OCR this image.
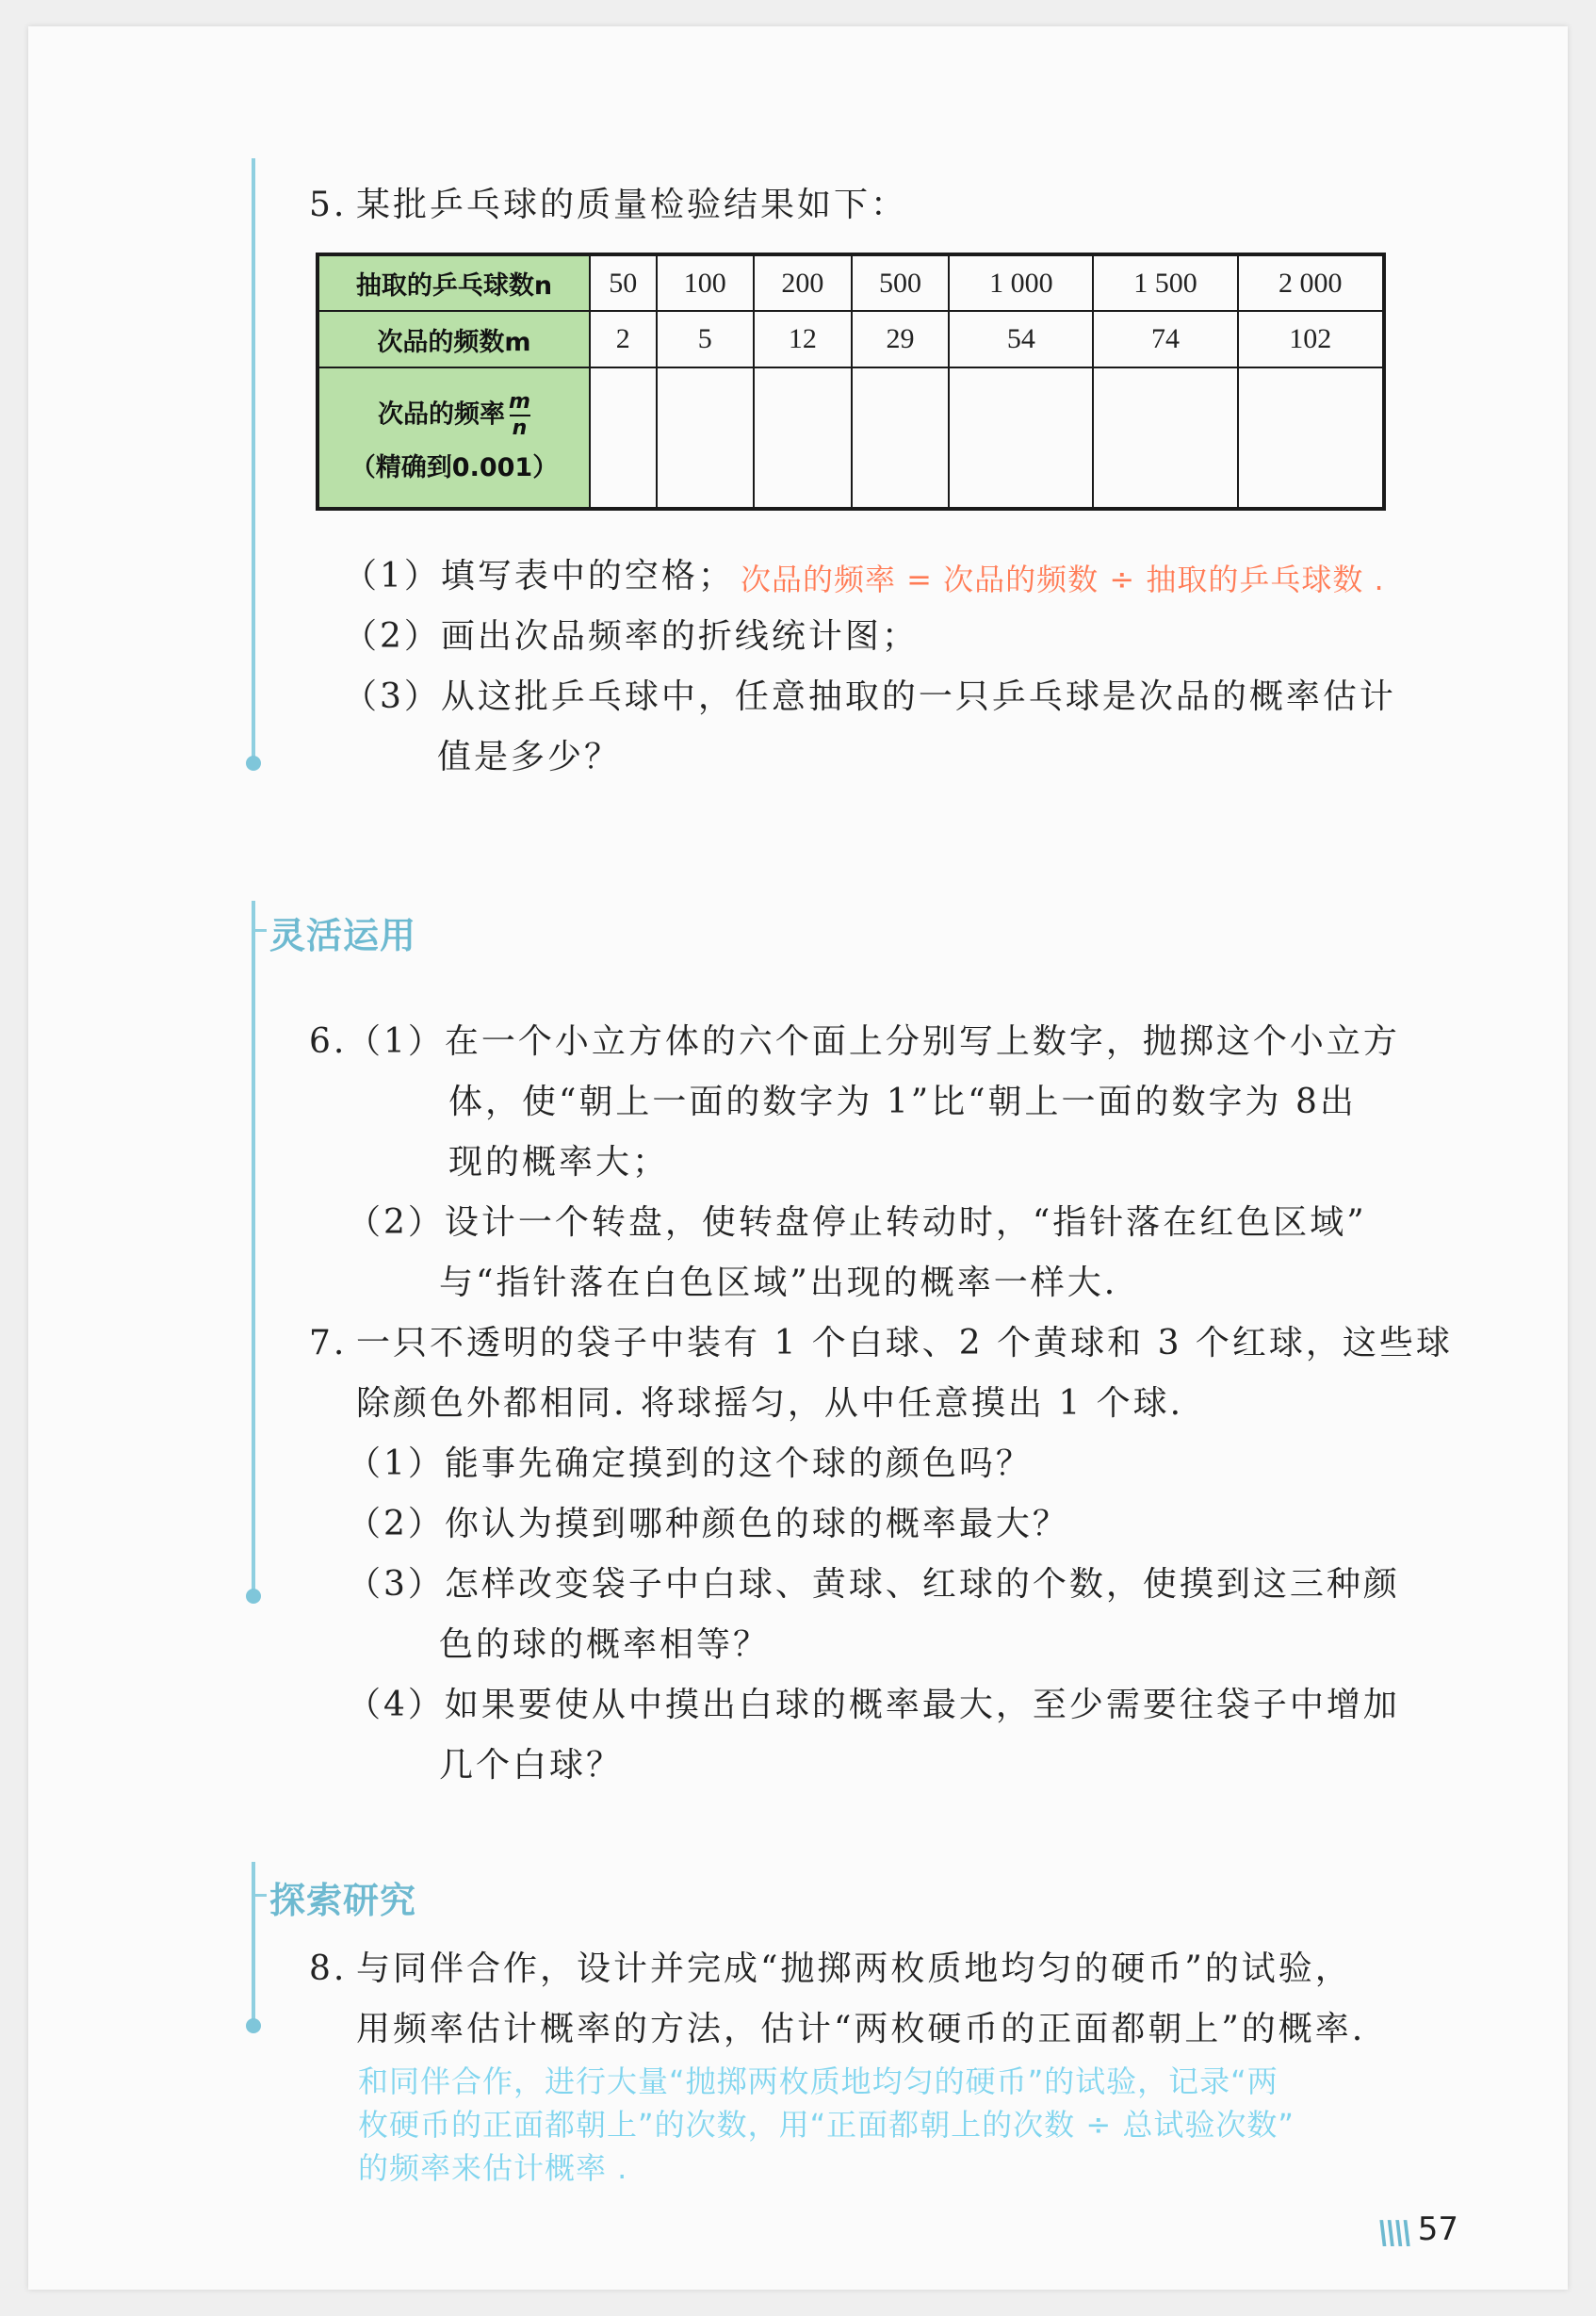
5. 某批乒乓球的质量检验结果如下：
抽取的乒乓球数n	50	100	200	500	1 000	1 500	2 000
次品的频数m	2	5	12	29	54	74	102

次品的频率 $\frac{m}{n}$
（精确到0.001）							

（1）填写表中的空格； 次品的频率 = 次品的频数 ÷ 抽取的乒乓球数 .
（2）画出次品频率的折线统计图；
（3）从这批乒乓球中，任意抽取的一只乒乓球是次品的概率估计
值是多少？
灵活运用
6. （1）在一个小立方体的六个面上分别写上数字，抛掷这个小立方
体，使“朝上一面的数字为 1”比“朝上一面的数字为 8出
现的概率大；
（2）设计一个转盘，使转盘停止转动时，“指针落在红色区域”
与“指针落在白色区域”出现的概率一样大.
7. 一只不透明的袋子中装有 1 个白球、2 个黄球和 3 个红球，这些球
除颜色外都相同. 将球摇匀，从中任意摸出 1 个球.
（1）能事先确定摸到的这个球的颜色吗？
（2）你认为摸到哪种颜色的球的概率最大？
（3）怎样改变袋子中白球、黄球、红球的个数，使摸到这三种颜
色的球的概率相等？
（4）如果要使从中摸出白球的概率最大，至少需要往袋子中增加
几个白球？
探索研究
8. 与同伴合作，设计并完成“抛掷两枚质地均匀的硬币”的试验，
用频率估计概率的方法，估计“两枚硬币的正面都朝上”的概率.
和同伴合作，进行大量“抛掷两枚质地均匀的硬币”的试验，记录“两
枚硬币的正面都朝上”的次数，用“正面都朝上的次数 ÷ 总试验次数”
的频率来估计概率 .
\\\\ 57
